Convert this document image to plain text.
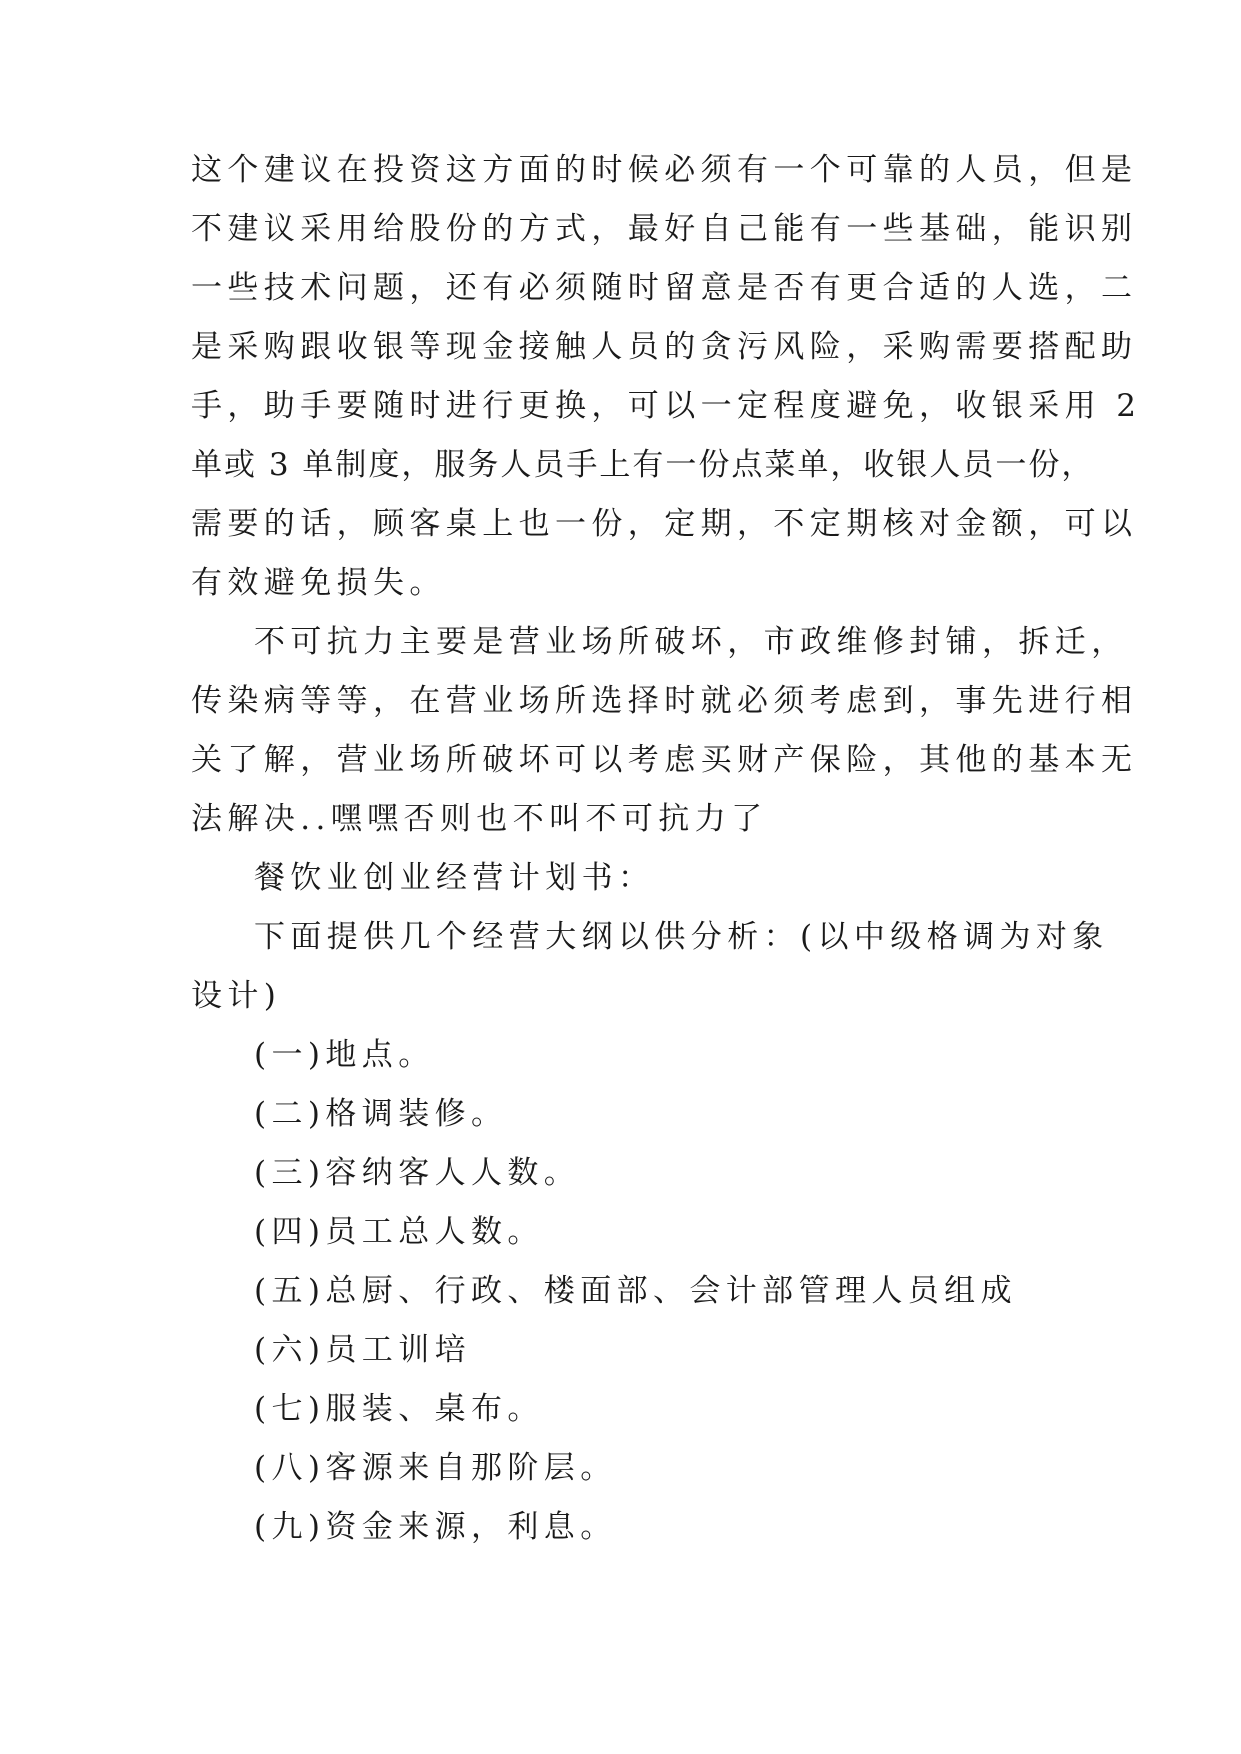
这个建议在投资这方面的时候必须有一个可靠的人员，但是
不建议采用给股份的方式，最好自己能有一些基础，能识别
一些技术问题，还有必须随时留意是否有更合适的人选，二
是采购跟收银等现金接触人员的贪污风险，采购需要搭配助
手，助手要随时进行更换，可以一定程度避免，收银采用 2
单或 3 单制度，服务人员手上有一份点菜单，收银人员一份，
需要的话，顾客桌上也一份，定期，不定期核对金额，可以
有效避免损失。
不可抗力主要是营业场所破坏，市政维修封铺，拆迁，
传染病等等，在营业场所选择时就必须考虑到，事先进行相
关了解，营业场所破坏可以考虑买财产保险，其他的基本无
法解决..嘿嘿否则也不叫不可抗力了
餐饮业创业经营计划书：
下面提供几个经营大纲以供分析：(以中级格调为对象
设计)
(一)地点。
(二)格调装修。
(三)容纳客人人数。
(四)员工总人数。
(五)总厨、行政、楼面部、会计部管理人员组成
(六)员工训培
(七)服装、桌布。
(八)客源来自那阶层。
(九)资金来源，利息。
